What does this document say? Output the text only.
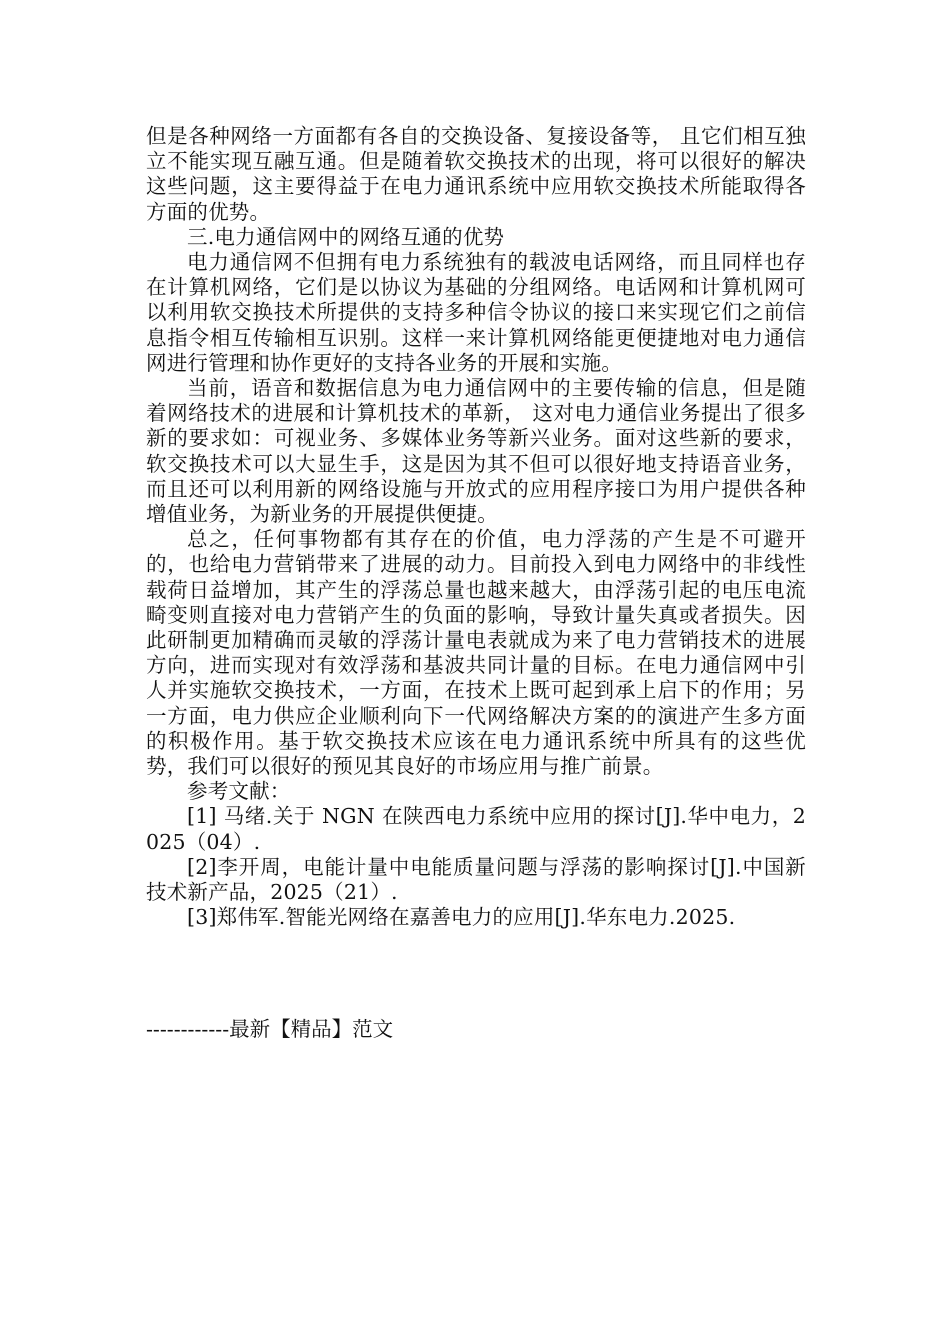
但是各种网络一方面都有各自的交换设备、复接设备等， 且它们相互独立不能实现互融互通。但是随着软交换技术的出现，将可以很好的解决这些问题，这主要得益于在电力通讯系统中应用软交换技术所能取得各方面的优势。

三.电力通信网中的网络互通的优势

电力通信网不但拥有电力系统独有的载波电话网络，而且同样也存在计算机网络，它们是以协议为基础的分组网络。电话网和计算机网可以利用软交换技术所提供的支持多种信令协议的接口来实现它们之前信息指令相互传输相互识别。这样一来计算机网络能更便捷地对电力通信网进行管理和协作更好的支持各业务的开展和实施。

当前，语音和数据信息为电力通信网中的主要传输的信息，但是随着网络技术的进展和计算机技术的革新， 这对电力通信业务提出了很多新的要求如：可视业务、多媒体业务等新兴业务。面对这些新的要求，软交换技术可以大显生手，这是因为其不但可以很好地支持语音业务，而且还可以利用新的网络设施与开放式的应用程序接口为用户提供各种增值业务，为新业务的开展提供便捷。

总之，任何事物都有其存在的价值，电力浮荡的产生是不可避开的，也给电力营销带来了进展的动力。目前投入到电力网络中的非线性载荷日益增加，其产生的浮荡总量也越来越大，由浮荡引起的电压电流畸变则直接对电力营销产生的负面的影响，导致计量失真或者损失。因此研制更加精确而灵敏的浮荡计量电表就成为来了电力营销技术的进展方向，进而实现对有效浮荡和基波共同计量的目标。在电力通信网中引人并实施软交换技术，一方面，在技术上既可起到承上启下的作用；另一方面，电力供应企业顺利向下一代网络解决方案的的演进产生多方面的积极作用。基于软交换技术应该在电力通讯系统中所具有的这些优势，我们可以很好的预见其良好的市场应用与推广前景。

参考文献：

[1] 马绪.关于 NGN 在陕西电力系统中应用的探讨[J].华中电力，2025（04）.

[2]李开周，电能计量中电能质量问题与浮荡的影响探讨[J].中国新技术新产品，2025（21）.

[3]郑伟军.智能光网络在嘉善电力的应用[J].华东电力.2025.

------------最新【精品】范文
